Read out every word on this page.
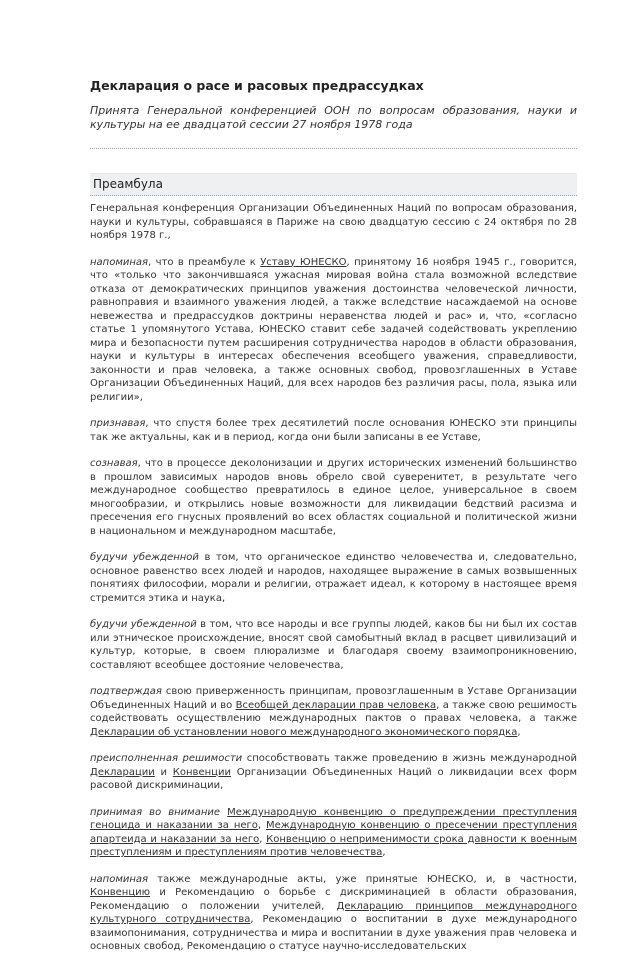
Декларация о расе и расовых предрассудках

Принята Генеральной конференцией ООН по вопросам образования, науки и культуры на ее двадцатой сессии 27 ноября 1978 года

Преамбула

Генеральная конференция Организации Объединенных Наций по вопросам образования, науки и культуры, собравшаяся в Париже на свою двадцатую сессию с 24 октября по 28 ноября 1978 г.,

напоминая, что в преамбуле к Уставу ЮНЕСКО, принятому 16 ноября 1945 г., говорится, что «только что закончившаяся ужасная мировая война стала возможной вследствие отказа от демократических принципов уважения достоинства человеческой личности, равноправия и взаимного уважения людей, а также вследствие насаждаемой на основе невежества и предрассудков доктрины неравенства людей и рас» и, что, «согласно статье 1 упомянутого Устава, ЮНЕСКО ставит себе задачей содействовать укреплению мира и безопасности путем расширения сотрудничества народов в области образования, науки и культуры в интересах обеспечения всеобщего уважения, справедливости, законности и прав человека, а также основных свобод, провозглашенных в Уставе Организации Объединенных Наций, для всех народов без различия расы, пола, языка или религии»,

признавая, что спустя более трех десятилетий после основания ЮНЕСКО эти принципы так же актуальны, как и в период, когда они были записаны в ее Уставе,

сознавая, что в процессе деколонизации и других исторических изменений большинство в прошлом зависимых народов вновь обрело свой суверенитет, в результате чего международное сообщество превратилось в единое целое, универсальное в своем многообразии, и открылись новые возможности для ликвидации бедствий расизма и пресечения его гнусных проявлений во всех областях социальной и политической жизни в национальном и международном масштабе,

будучи убежденной в том, что органическое единство человечества и, следовательно, основное равенство всех людей и народов, находящее выражение в самых возвышенных понятиях философии, морали и религии, отражает идеал, к которому в настоящее время стремится этика и наука,

будучи убежденной в том, что все народы и все группы людей, каков бы ни был их состав или этническое происхождение, вносят свой самобытный вклад в расцвет цивилизаций и культур, которые, в своем плюрализме и благодаря своему взаимопроникновению, составляют всеобщее достояние человечества,

подтверждая свою приверженность принципам, провозглашенным в Уставе Организации Объединенных Наций и во Всеобщей декларации прав человека, а также свою решимость содействовать осуществлению международных пактов о правах человека, а также Декларации об установлении нового международного экономического порядка,

преисполненная решимости способствовать также проведению в жизнь международной Декларации и Конвенции Организации Объединенных Наций о ликвидации всех форм расовой дискриминации,

принимая во внимание Международную конвенцию о предупреждении преступления геноцида и наказании за него, Международную конвенцию о пресечении преступления апартеида и наказании за него, Конвенцию о неприменимости срока давности к военным преступлениям и преступлениям против человечества,

напоминая также международные акты, уже принятые ЮНЕСКО, и, в частности, Конвенцию и Рекомендацию о борьбе с дискриминацией в области образования, Рекомендацию о положении учителей, Декларацию принципов международного культурного сотрудничества, Рекомендацию о воспитании в духе международного взаимопонимания, сотрудничества и мира и воспитании в духе уважения прав человека и основных свобод, Рекомендацию о статусе научно-исследовательских
